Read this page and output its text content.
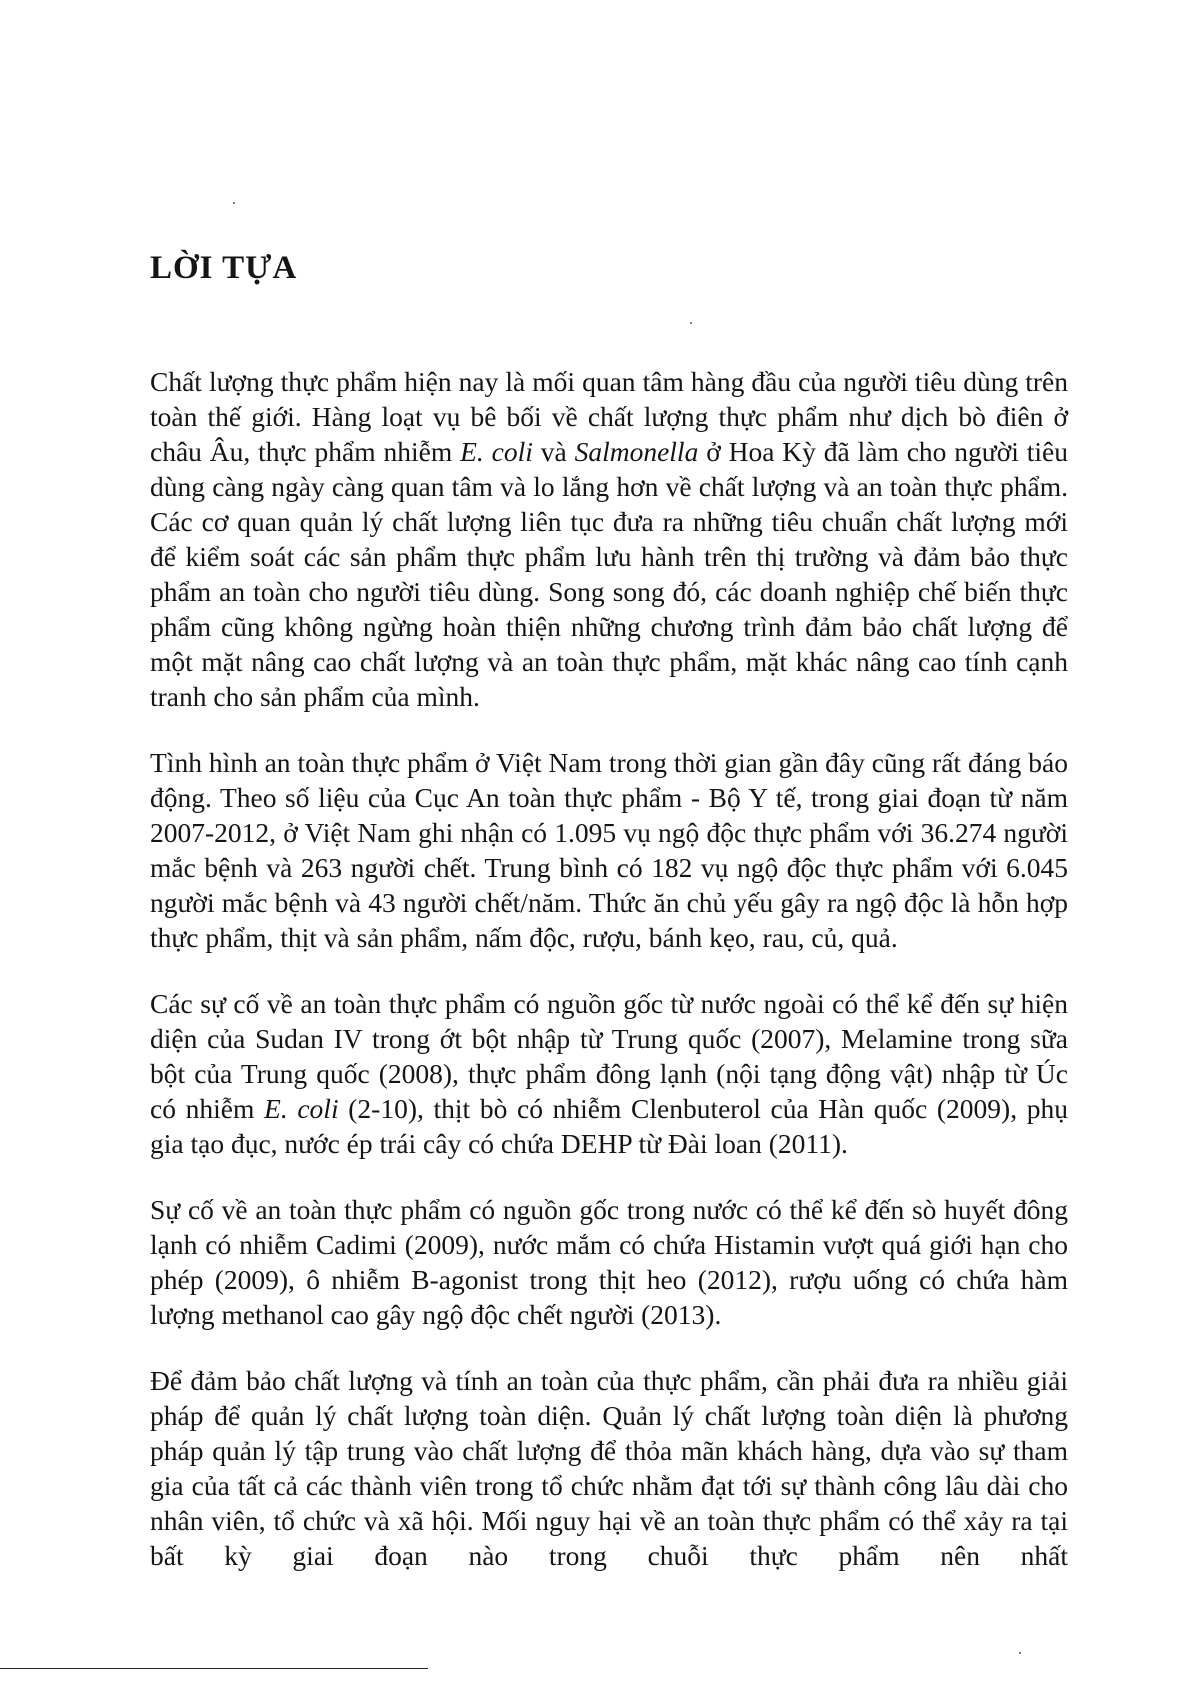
LỜI TỰA

Chất lượng thực phẩm hiện nay là mối quan tâm hàng đầu của người tiêu dùng trên toàn thế giới. Hàng loạt vụ bê bối về chất lượng thực phẩm như dịch bò điên ở châu Âu, thực phẩm nhiễm E. coli và Salmonella ở Hoa Kỳ đã làm cho người tiêu dùng càng ngày càng quan tâm và lo lắng hơn về chất lượng và an toàn thực phẩm. Các cơ quan quản lý chất lượng liên tục đưa ra những tiêu chuẩn chất lượng mới để kiểm soát các sản phẩm thực phẩm lưu hành trên thị trường và đảm bảo thực phẩm an toàn cho người tiêu dùng. Song song đó, các doanh nghiệp chế biến thực phẩm cũng không ngừng hoàn thiện những chương trình đảm bảo chất lượng để một mặt nâng cao chất lượng và an toàn thực phẩm, mặt khác nâng cao tính cạnh tranh cho sản phẩm của mình.

Tình hình an toàn thực phẩm ở Việt Nam trong thời gian gần đây cũng rất đáng báo động. Theo số liệu của Cục An toàn thực phẩm - Bộ Y tế, trong giai đoạn từ năm 2007-2012, ở Việt Nam ghi nhận có 1.095 vụ ngộ độc thực phẩm với 36.274 người mắc bệnh và 263 người chết. Trung bình có 182 vụ ngộ độc thực phẩm với 6.045 người mắc bệnh và 43 người chết/năm. Thức ăn chủ yếu gây ra ngộ độc là hỗn hợp thực phẩm, thịt và sản phẩm, nấm độc, rượu, bánh kẹo, rau, củ, quả.

Các sự cố về an toàn thực phẩm có nguồn gốc từ nước ngoài có thể kể đến sự hiện diện của Sudan IV trong ớt bột nhập từ Trung quốc (2007), Melamine trong sữa bột của Trung quốc (2008), thực phẩm đông lạnh (nội tạng động vật) nhập từ Úc có nhiễm E. coli (2-10), thịt bò có nhiễm Clenbuterol của Hàn quốc (2009), phụ gia tạo đục, nước ép trái cây có chứa DEHP từ Đài loan (2011).

Sự cố về an toàn thực phẩm có nguồn gốc trong nước có thể kể đến sò huyết đông lạnh có nhiễm Cadimi (2009), nước mắm có chứa Histamin vượt quá giới hạn cho phép (2009), ô nhiễm B-agonist trong thịt heo (2012), rượu uống có chứa hàm lượng methanol cao gây ngộ độc chết người (2013).

Để đảm bảo chất lượng và tính an toàn của thực phẩm, cần phải đưa ra nhiều giải pháp để quản lý chất lượng toàn diện. Quản lý chất lượng toàn diện là phương pháp quản lý tập trung vào chất lượng để thỏa mãn khách hàng, dựa vào sự tham gia của tất cả các thành viên trong tổ chức nhằm đạt tới sự thành công lâu dài cho nhân viên, tổ chức và xã hội. Mối nguy hại về an toàn thực phẩm có thể xảy ra tại bất kỳ giai đoạn nào trong chuỗi thực phẩm nên nhất
